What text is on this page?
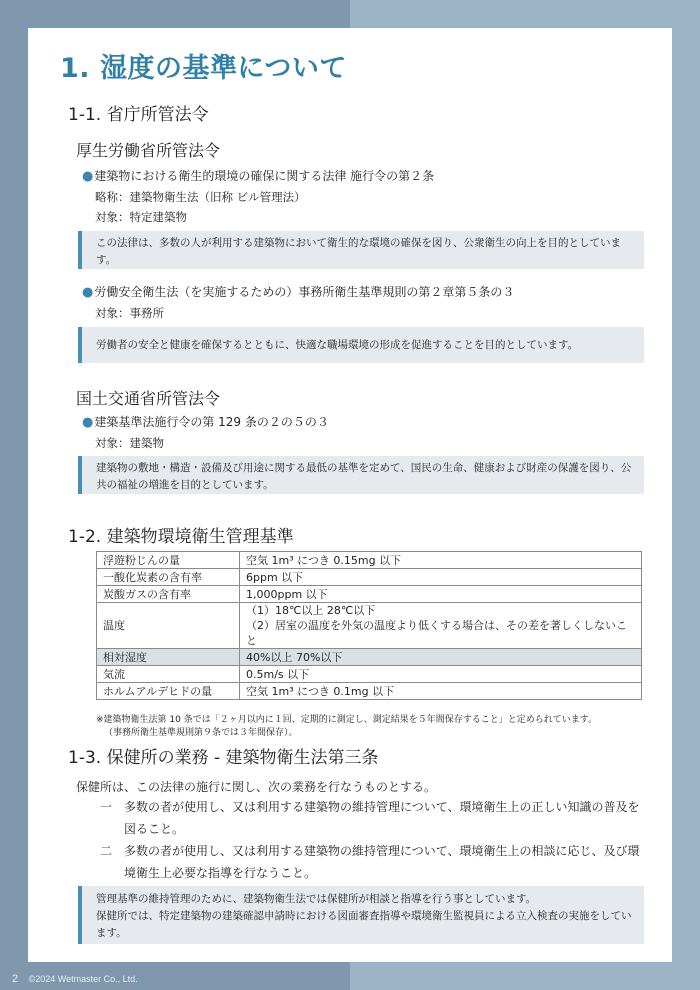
2 ©2024 Wetmaster Co., Ltd.
1. 湿度の基準について
1-1. 省庁所管法令
厚生労働省所管法令
●建築物における衛生的環境の確保に関する法律 施行令の第２条
略称：建築物衛生法（旧称 ビル管理法）
対象：特定建築物
この法律は、多数の人が利用する建築物において衛生的な環境の確保を図り、公衆衛生の向上を目的としています。
●労働安全衛生法（を実施するための）事務所衛生基準規則の第２章第５条の３
対象：事務所
労働者の安全と健康を確保するとともに、快適な職場環境の形成を促進することを目的としています。
国土交通省所管法令
●建築基準法施行令の第 129 条の２の５の３
対象：建築物
建築物の敷地・構造・設備及び用途に関する最低の基準を定めて、国民の生命、健康および財産の保護を図り、公共の福祉の増進を目的としています。
1-2. 建築物環境衛生管理基準
浮遊粉じんの量	空気 1m³ につき 0.15mg 以下
一酸化炭素の含有率	6ppm 以下
炭酸ガスの含有率	1,000ppm 以下
温度	（1）18℃以上 28℃以下
（2）居室の温度を外気の温度より低くする場合は、その差を著しくしないこと

相対湿度	40%以上 70%以下
気流	0.5m/s 以下
ホルムアルデヒドの量	空気 1m³ につき 0.1mg 以下
※建築物衛生法第 10 条では「２ヶ月以内に１回、定期的に測定し、測定結果を５年間保存すること」と定められています。
（事務所衛生基準規則第９条では３年間保存）。
1-3. 保健所の業務 - 建築物衛生法第三条
保健所は、この法律の施行に関し、次の業務を行なうものとする。
一 多数の者が使用し、又は利用する建築物の維持管理について、環境衛生上の正しい知識の普及を図ること。
二 多数の者が使用し、又は利用する建築物の維持管理について、環境衛生上の相談に応じ、及び環境衛生上必要な指導を行なうこと。
管理基準の維持管理のために、建築物衛生法では保健所が相談と指導を行う事としています。
保健所では、特定建築物の建築確認申請時における図面審査指導や環境衛生監視員による立入検査の実施をしています。
